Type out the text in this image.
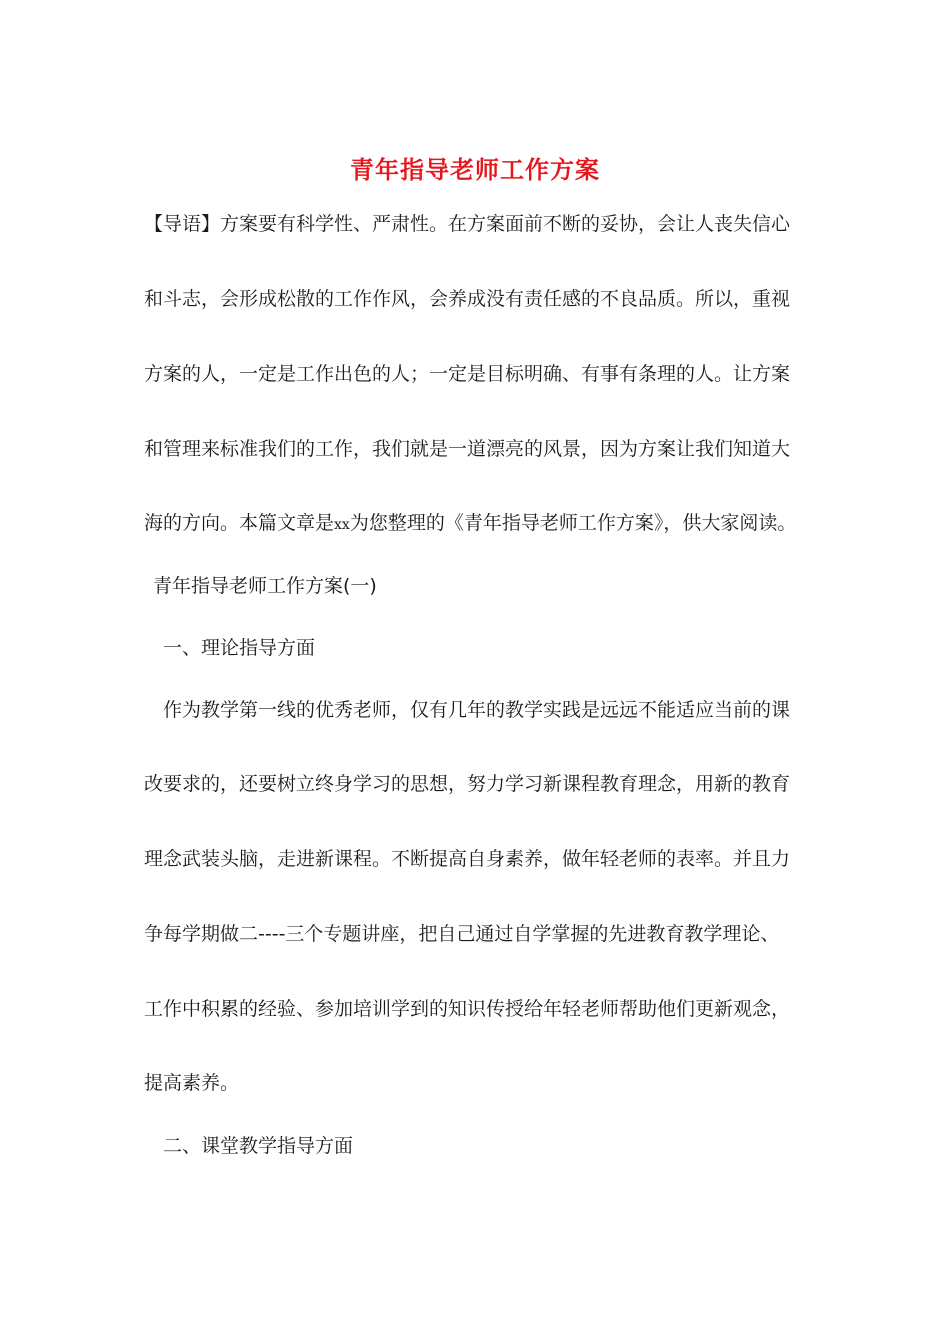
青年指导老师工作方案
【导语】方案要有科学性、严肃性。在方案面前不断的妥协，会让人丧失信心
和斗志，会形成松散的工作作风，会养成没有责任感的不良品质。所以，重视
方案的人，一定是工作出色的人；一定是目标明确、有事有条理的人。让方案
和管理来标准我们的工作，我们就是一道漂亮的风景，因为方案让我们知道大
海的方向。本篇文章是xx为您整理的《青年指导老师工作方案》，供大家阅读。
青年指导老师工作方案(一)
一、理论指导方面
作为教学第一线的优秀老师，仅有几年的教学实践是远远不能适应当前的课
改要求的，还要树立终身学习的思想，努力学习新课程教育理念，用新的教育
理念武装头脑，走进新课程。不断提高自身素养，做年轻老师的表率。并且力
争每学期做二----三个专题讲座，把自己通过自学掌握的先进教育教学理论、
工作中积累的经验、参加培训学到的知识传授给年轻老师帮助他们更新观念，
提高素养。
二、课堂教学指导方面
